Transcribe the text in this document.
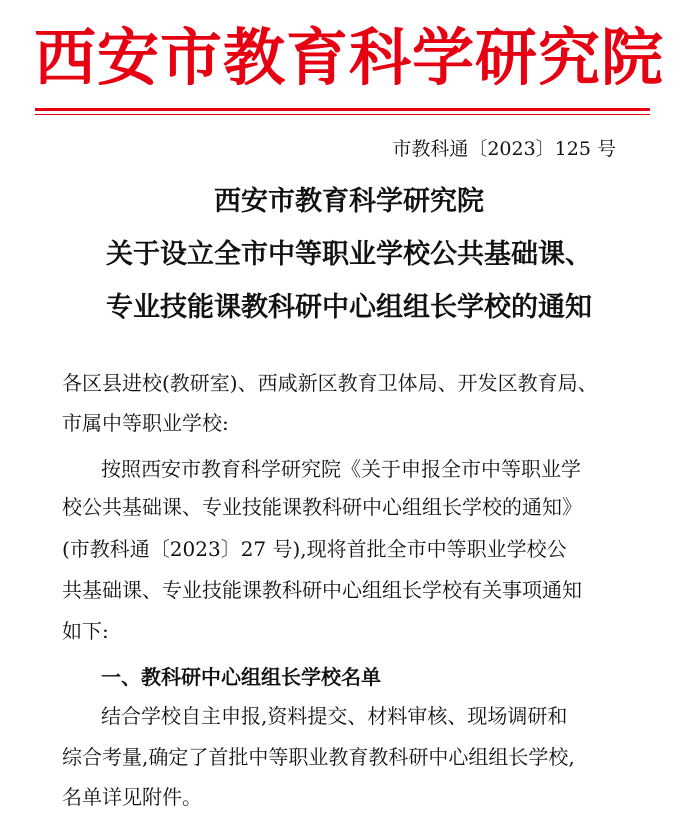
西安市教育科学研究院
市教科通〔2023〕125 号
西安市教育科学研究院
关于设立全市中等职业学校公共基础课、
专业技能课教科研中心组组长学校的通知
各区县进校(教研室)、西咸新区教育卫体局、开发区教育局、
市属中等职业学校:
按照西安市教育科学研究院《关于申报全市中等职业学
校公共基础课、专业技能课教科研中心组组长学校的通知》
(市教科通〔2023〕27 号),现将首批全市中等职业学校公
共基础课、专业技能课教科研中心组组长学校有关事项通知
如下:
一、教科研中心组组长学校名单
结合学校自主申报,资料提交、材料审核、现场调研和
综合考量,确定了首批中等职业教育教科研中心组组长学校,
名单详见附件。
